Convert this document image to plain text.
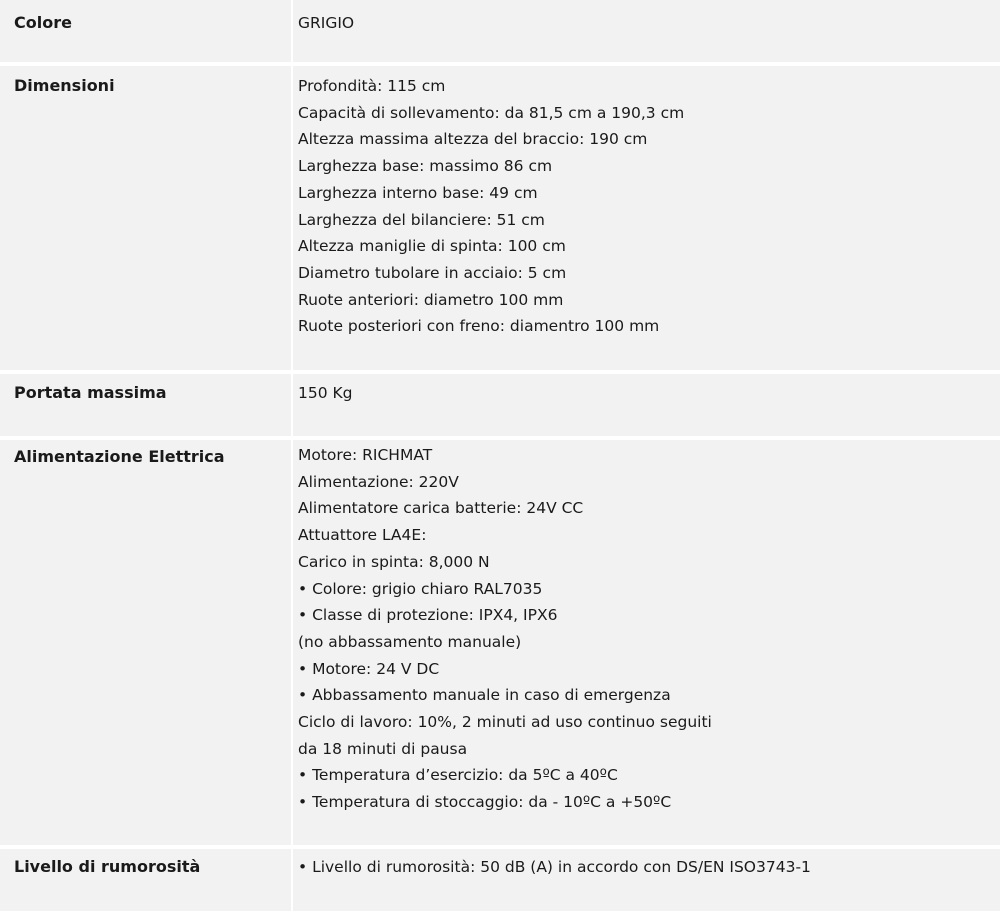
Colore	GRIGIO
Dimensioni	Profondità: 115 cm
Capacità di sollevamento: da 81,5 cm a 190,3 cm
Altezza massima altezza del braccio: 190 cm
Larghezza base: massimo 86 cm
Larghezza interno base: 49 cm
Larghezza del bilanciere: 51 cm
Altezza maniglie di spinta: 100 cm
Diametro tubolare in acciaio: 5 cm
Ruote anteriori: diametro 100 mm
Ruote posteriori con freno: diamentro 100 mm
Portata massima	150 Kg
Alimentazione Elettrica	Motore: RICHMAT
Alimentazione: 220V
Alimentatore carica batterie: 24V CC
Attuattore LA4E:
Carico in spinta: 8,000 N
• Colore: grigio chiaro RAL7035
• Classe di protezione: IPX4, IPX6
(no abbassamento manuale)
• Motore: 24 V DC
• Abbassamento manuale in caso di emergenza
Ciclo di lavoro: 10%, 2 minuti ad uso continuo seguiti
da 18 minuti di pausa
• Temperatura d’esercizio: da 5ºC a 40ºC
• Temperatura di stoccaggio: da - 10ºC a +50ºC
Livello di rumorosità	• Livello di rumorosità: 50 dB (A) in accordo con DS/EN ISO3743-1
